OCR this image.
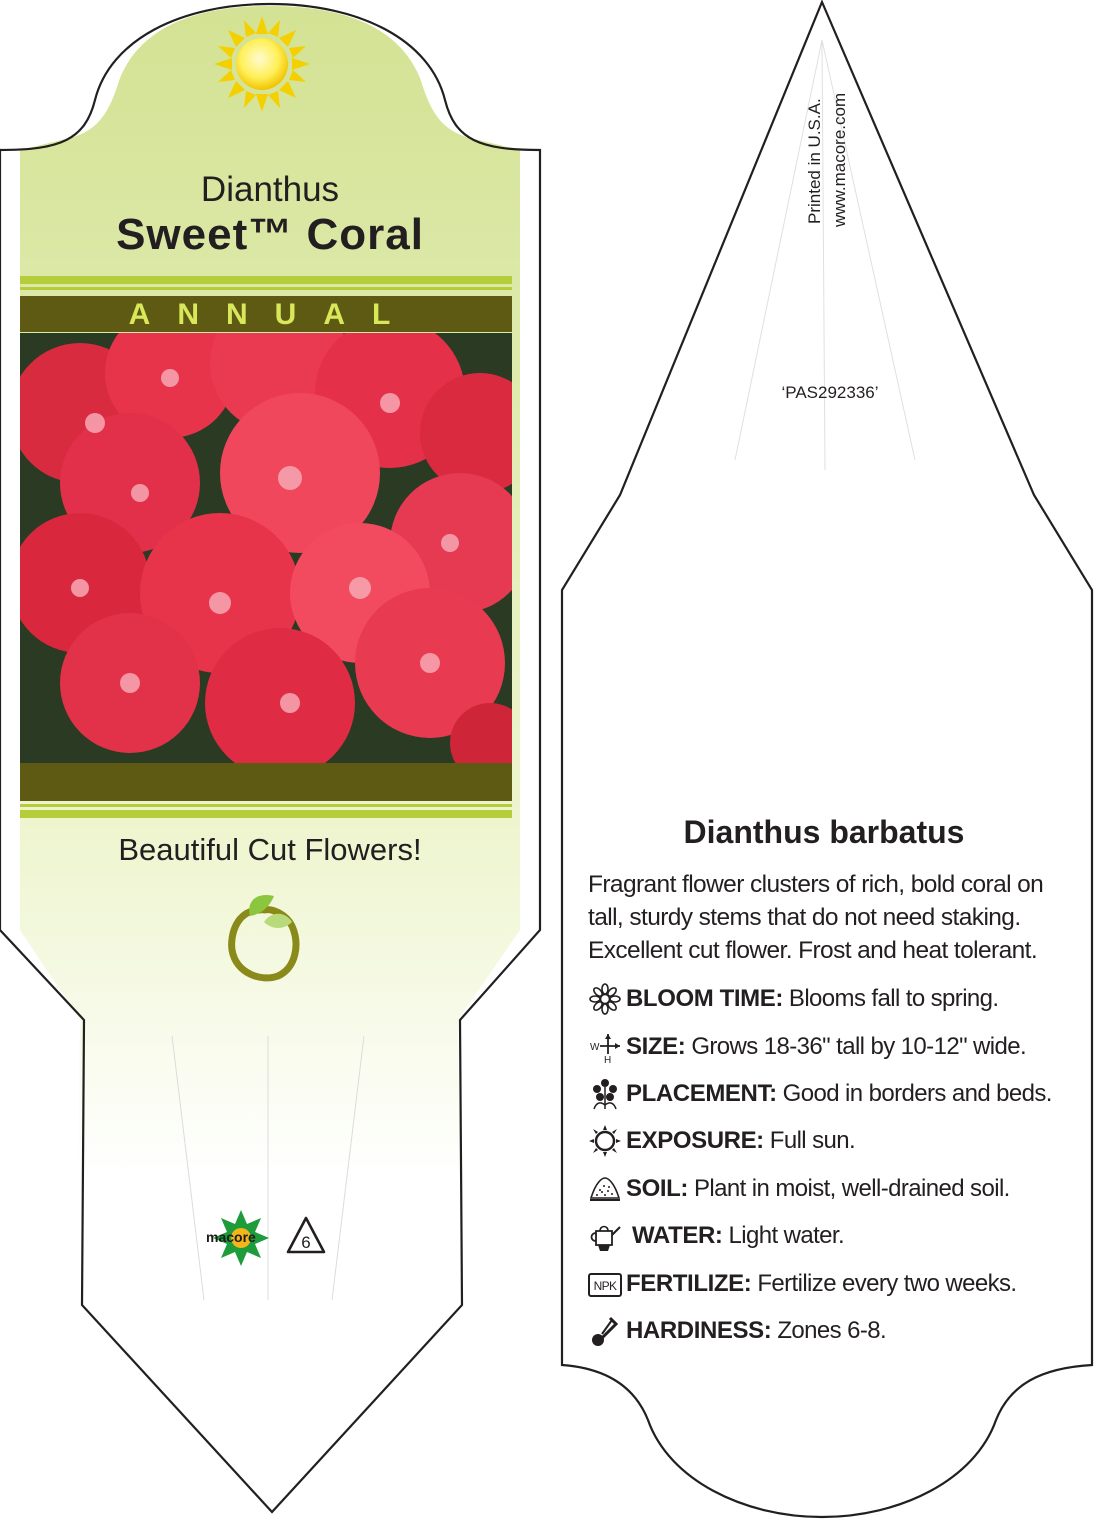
Dianthus
Sweet™ Coral
ANNUAL
Beautiful Cut Flowers!
macore	6
Printed in U.S.A. www.macore.com
‘PAS292336’
Dianthus barbatus
Fragrant flower clusters of rich, bold coral on tall, sturdy stems that do not need staking. Excellent cut flower. Frost and heat tolerant.
BLOOM TIME: Blooms fall to spring.
W
H
SIZE: Grows 18-36" tall by 10-12" wide.
PLACEMENT: Good in borders and beds.
EXPOSURE: Full sun.
SOIL: Plant in moist, well-drained soil.
WATER: Light water.
NPK FERTILIZE: Fertilize every two weeks.
HARDINESS: Zones 6-8.
